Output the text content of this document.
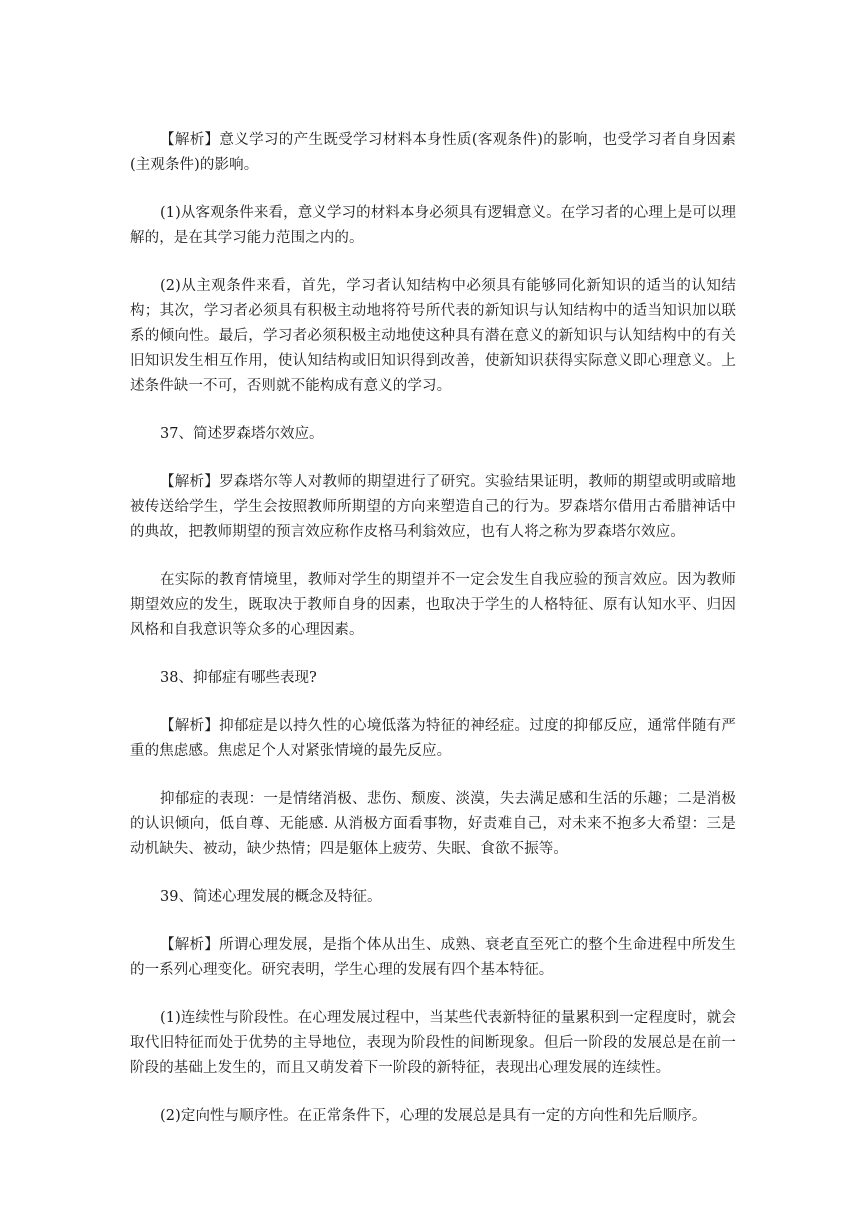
【解析】意义学习的产生既受学习材料本身性质(客观条件)的影响，也受学习者自身因素(主观条件)的影响。

(1)从客观条件来看，意义学习的材料本身必须具有逻辑意义。在学习者的心理上是可以理解的，是在其学习能力范围之内的。

(2)从主观条件来看，首先，学习者认知结构中必须具有能够同化新知识的适当的认知结构；其次，学习者必须具有积极主动地将符号所代表的新知识与认知结构中的适当知识加以联系的倾向性。最后，学习者必须积极主动地使这种具有潜在意义的新知识与认知结构中的有关旧知识发生相互作用，使认知结构或旧知识得到改善，使新知识获得实际意义即心理意义。上述条件缺一不可，否则就不能构成有意义的学习。

37、简述罗森塔尔效应。

【解析】罗森塔尔等人对教师的期望进行了研究。实验结果证明，教师的期望或明或暗地被传送给学生，学生会按照教师所期望的方向来塑造自己的行为。罗森塔尔借用古希腊神话中的典故，把教师期望的预言效应称作皮格马利翁效应，也有人将之称为罗森塔尔效应。

在实际的教育情境里，教师对学生的期望并不一定会发生自我应验的预言效应。因为教师期望效应的发生，既取决于教师自身的因素，也取决于学生的人格特征、原有认知水平、归因风格和自我意识等众多的心理因素。

38、抑郁症有哪些表现?

【解析】抑郁症是以持久性的心境低落为特征的神经症。过度的抑郁反应，通常伴随有严重的焦虑感。焦虑足个人对紧张情境的最先反应。

抑郁症的表现：一是情绪消极、悲伤、颓废、淡漠，失去满足感和生活的乐趣；二是消极的认识倾向，低自尊、无能感. 从消极方面看事物，好责难自己，对未来不抱多大希望：三是动机缺失、被动，缺少热情；四是躯体上疲劳、失眠、食欲不振等。

39、简述心理发展的概念及特征。

【解析】所谓心理发展，是指个体从出生、成熟、衰老直至死亡的整个生命进程中所发生的一系列心理变化。研究表明，学生心理的发展有四个基本特征。

(1)连续性与阶段性。在心理发展过程中，当某些代表新特征的量累积到一定程度时，就会取代旧特征而处于优势的主导地位，表现为阶段性的间断现象。但后一阶段的发展总是在前一阶段的基础上发生的，而且又萌发着下一阶段的新特征，表现出心理发展的连续性。

(2)定向性与顺序性。在正常条件下，心理的发展总是具有一定的方向性和先后顺序。
